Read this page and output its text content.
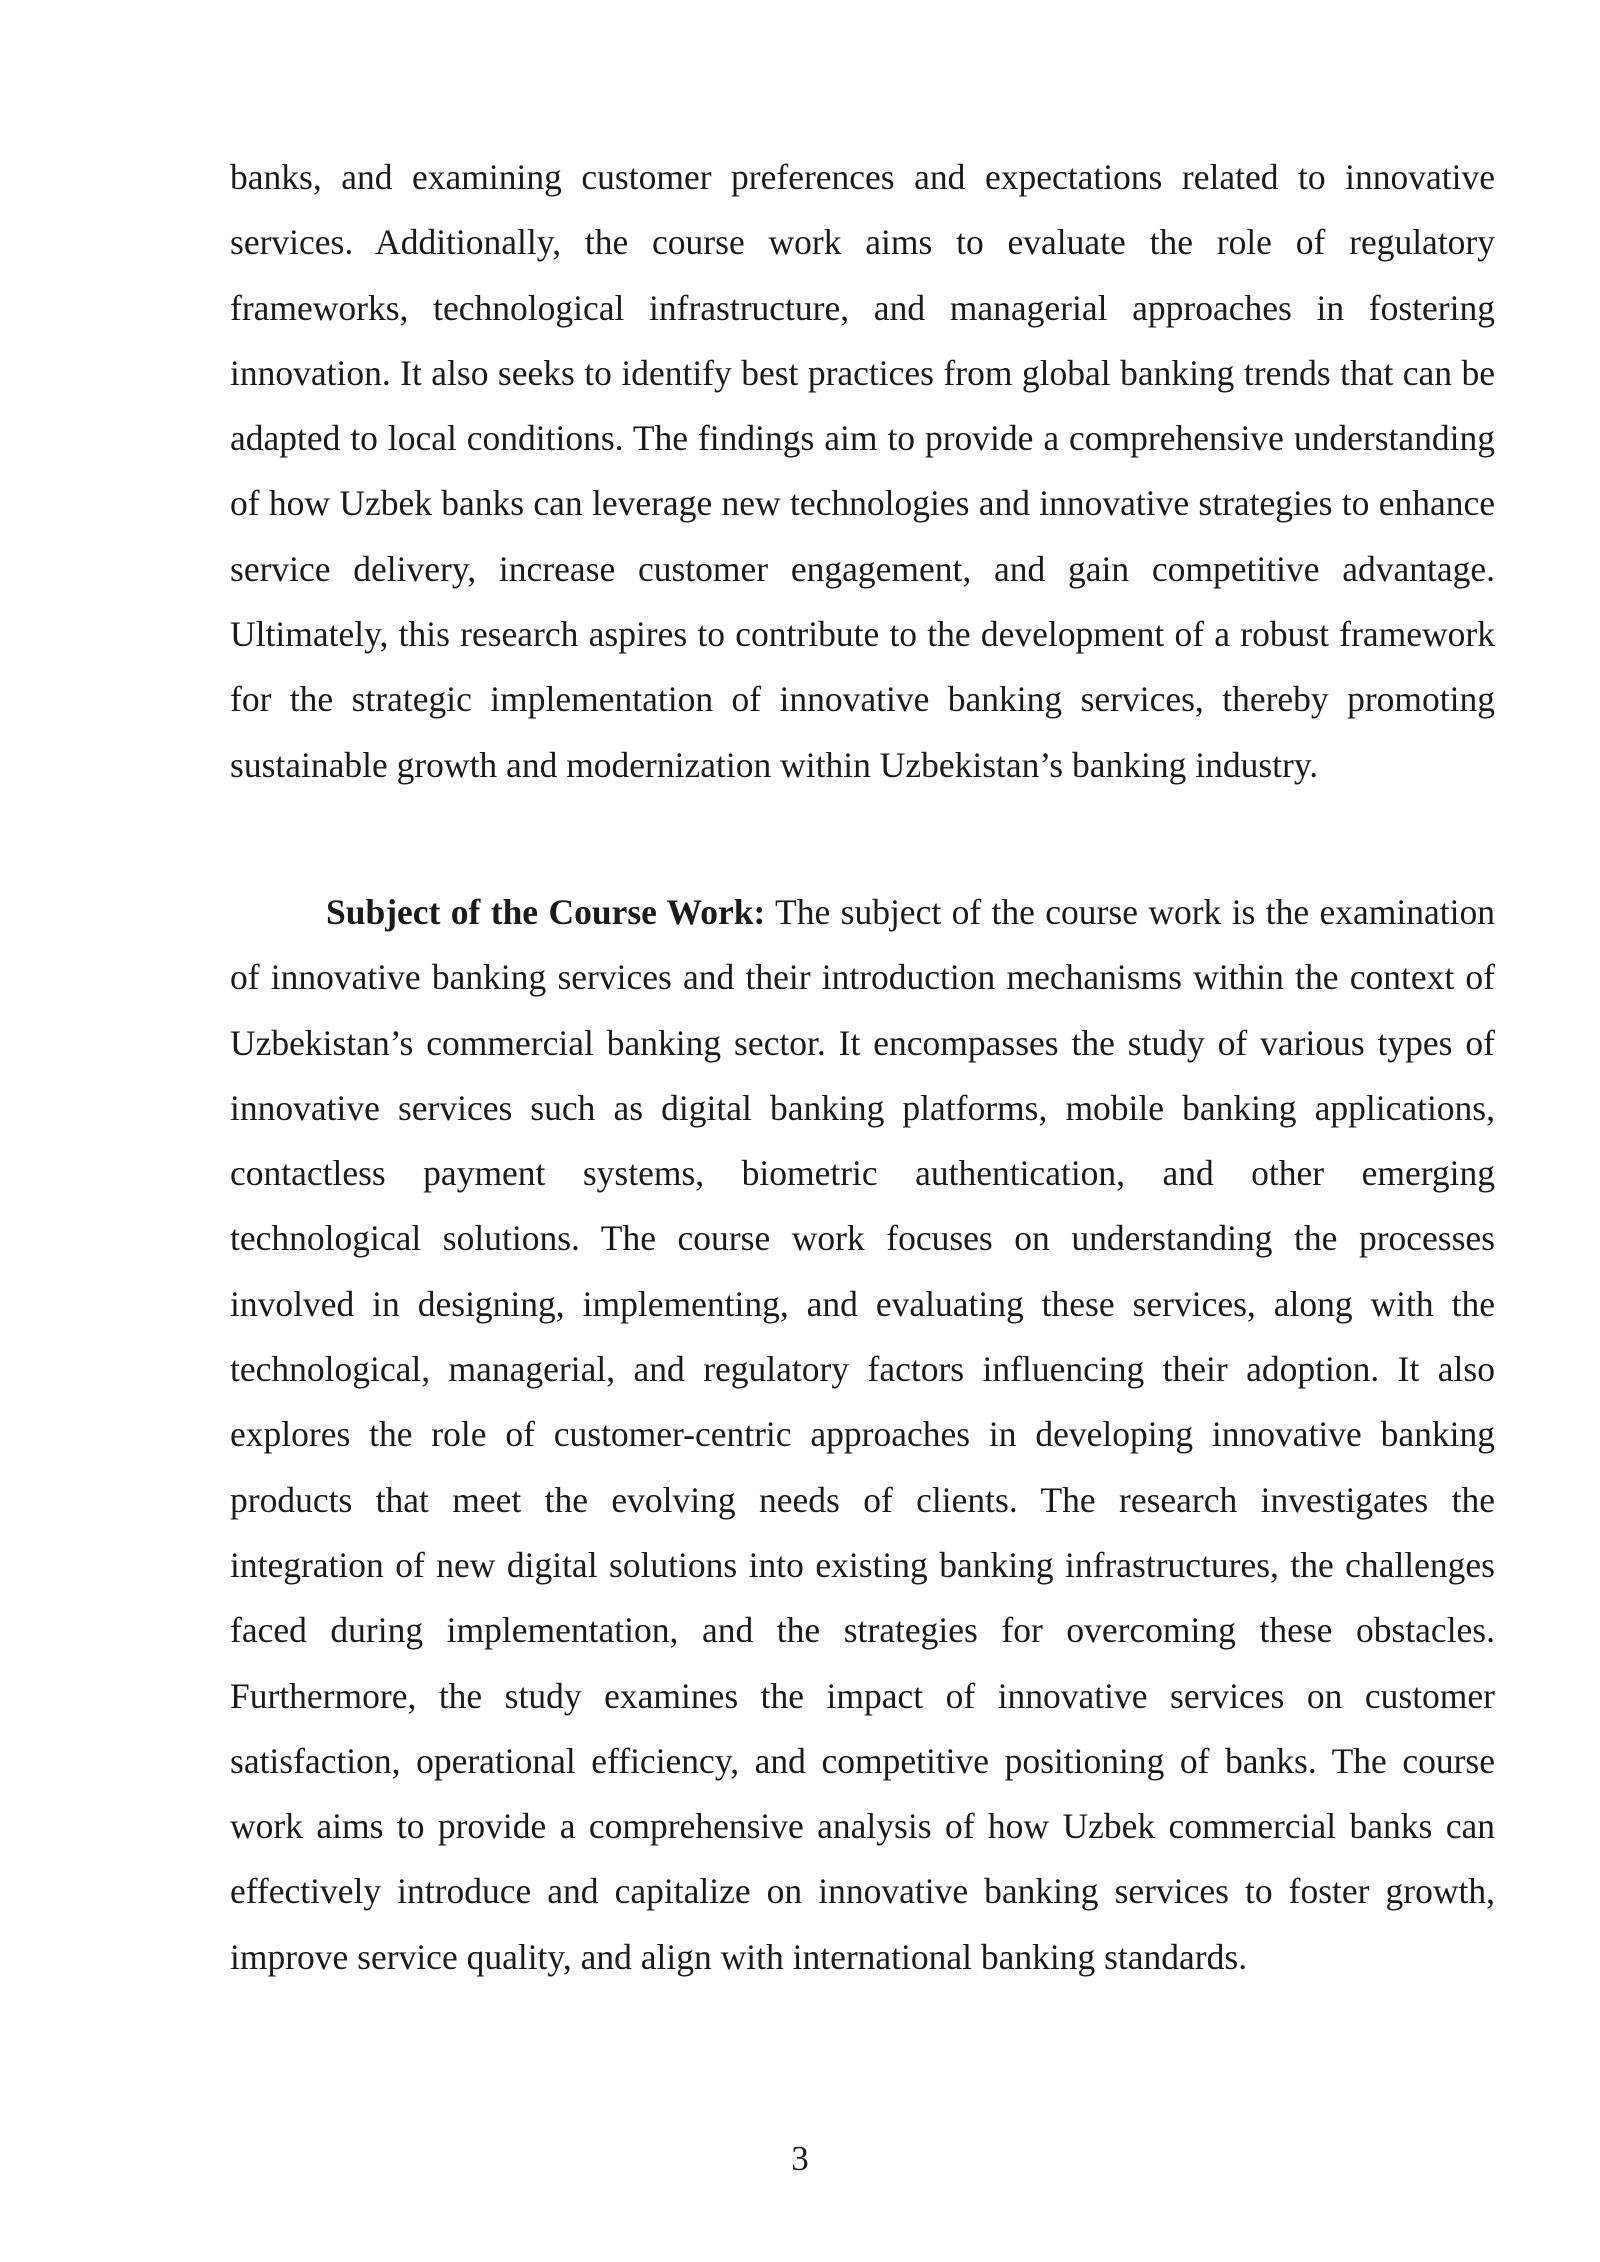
banks, and examining customer preferences and expectations related to innovative services. Additionally, the course work aims to evaluate the role of regulatory frameworks, technological infrastructure, and managerial approaches in fostering innovation. It also seeks to identify best practices from global banking trends that can be adapted to local conditions. The findings aim to provide a comprehensive understanding of how Uzbek banks can leverage new technologies and innovative strategies to enhance service delivery, increase customer engagement, and gain competitive advantage. Ultimately, this research aspires to contribute to the development of a robust framework for the strategic implementation of innovative banking services, thereby promoting sustainable growth and modernization within Uzbekistan’s banking industry.

Subject of the Course Work: The subject of the course work is the examination of innovative banking services and their introduction mechanisms within the context of Uzbekistan’s commercial banking sector. It encompasses the study of various types of innovative services such as digital banking platforms, mobile banking applications, contactless payment systems, biometric authentication, and other emerging technological solutions. The course work focuses on understanding the processes involved in designing, implementing, and evaluating these services, along with the technological, managerial, and regulatory factors influencing their adoption. It also explores the role of customer-centric approaches in developing innovative banking products that meet the evolving needs of clients. The research investigates the integration of new digital solutions into existing banking infrastructures, the challenges faced during implementation, and the strategies for overcoming these obstacles. Furthermore, the study examines the impact of innovative services on customer satisfaction, operational efficiency, and competitive positioning of banks. The course work aims to provide a comprehensive analysis of how Uzbek commercial banks can effectively introduce and capitalize on innovative banking services to foster growth, improve service quality, and align with international banking standards.

3
